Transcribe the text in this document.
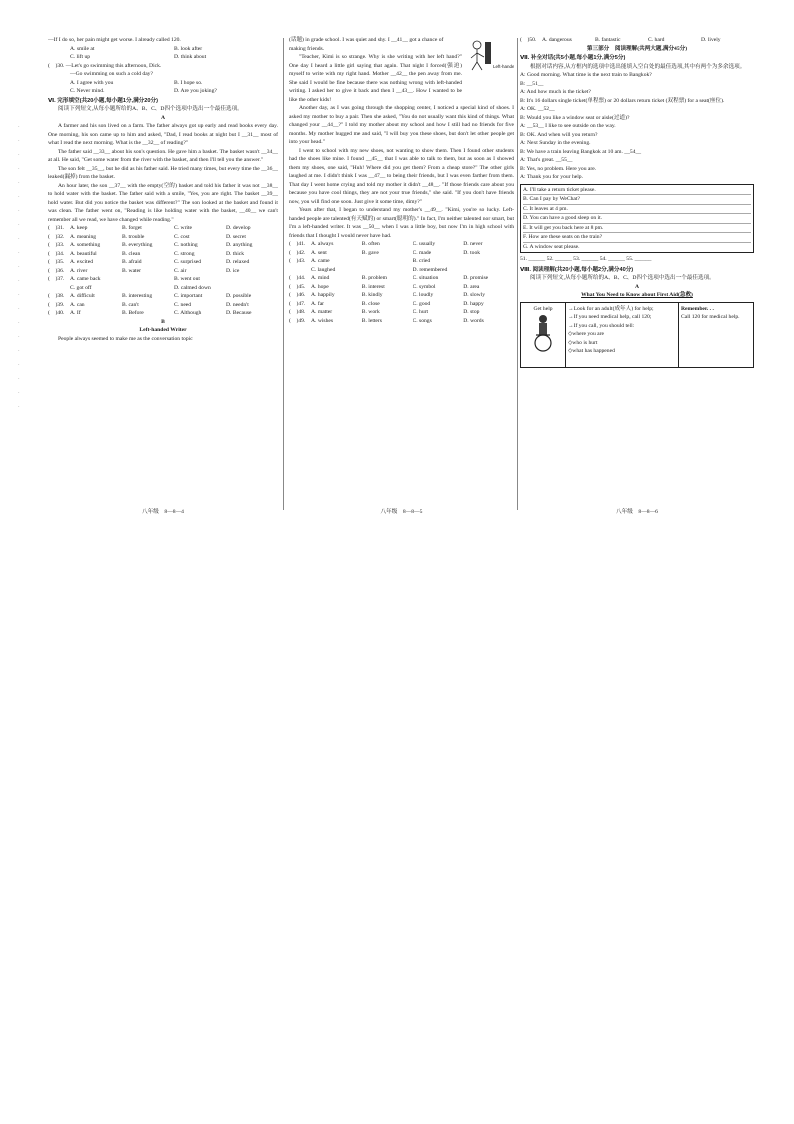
·
·
·
·
·
·
·
·
·
·
·
·
·
·
·
·
·
·
·
·
·

—If I do so, her pain might get worse. I already called 120.

A. smile at	B. look after
C. lift up	D. think about

(　)30. —Let's go swimming this afternoon, Dick.

—Go swimming on such a cold day?

A. I agree with you	B. I hope so.
C. Never mind.	D. Are you joking?

Ⅵ. 完形填空(共20小题,每小题1分,满分20分)

阅读下列短文,从每小题所给的A、B、C、D四个选项中选出一个最佳选项。

A

A farmer and his son lived on a farm. The father always got up early and read books every day. One morning, his son came up to him and asked, "Dad, I read books at night but I __31__ most of what I read the next morning. What is the __32__ of reading?"

The father said __33__ about his son's question. He gave him a basket. The basket wasn't __34__ at all. He said, "Get some water from the river with the basket, and then I'll tell you the answer."

The son felt __35__, but he did as his father said. He tried many times, but every time the __36__ leaked(漏掉) from the basket.

An hour later, the son __37__ with the empty(空的) basket and told his father it was not __38__ to hold water with the basket. The father said with a smile, "Yes, you are right. The basket __39__ hold water. But did you notice the basket was different?" The son looked at the basket and found it was clean. The father went on, "Reading is like holding water with the basket, __40__ we can't remember all we read, we have changed while reading."

(　)31.	A. keep	B. forget	C. write	D. develop
(　)32.	A. meaning	B. trouble	C. cost	D. secret
(　)33.	A. something	B. everything	C. nothing	D. anything
(　)34.	A. beautiful	B. clean	C. strong	D. thick
(　)35.	A. excited	B. afraid	C. surprised	D. relaxed
(　)36.	A. river	B. water	C. air	D. ice
(　)37.	A. came back	B. went out
C. got off	D. calmed down
(　)38.	A. difficult	B. interesting	C. important	D. possible
(　)39.	A. can	B. can't	C. need	D. needn't
(　)40.	A. If	B. Before	C. Although	D. Because

B

Left-handed Writer

People always seemed to make me as the conversation topic

八年级　8—8—4
Left-handed

(话题) in grade school. I was quiet and shy. I __41__ got a chance of making friends.

"Teacher, Kimi is so strange. Why is she writing with her left hand?" One day I heard a little girl saying that again. That night I forced(强迫) myself to write with my right hand. Mother __42__ the pen away from me. She said I would be fine because there was nothing wrong with left-handed writing. I asked her to give it back and then I __43__. How I wanted to be like the other kids!

Another day, as I was going through the shopping center, I noticed a special kind of shoes. I asked my mother to buy a pair. Then she asked, "You do not usually want this kind of things. What changed your __44__?" I told my mother about my school and how I still had no friends for five months. My mother hugged me and said, "I will buy you these shoes, but don't let other people get into your head."

I went to school with my new shoes, not wanting to show them. Then I found other students had the shoes like mine. I found __45__ that I was able to talk to them, but as soon as I showed them my shoes, one said, "Huh! Where did you get them? From a cheap store?" The other girls laughed at me. I didn't think I was __47__ to being their friends, but I was even farther from them. That day I went home crying and told my mother it didn't __48__. "If those friends care about you because you have cool things, they are not your true friends," she said. "If you don't have friends now, you will find one soon. Just give it some time, dimy?"

Years after that, I began to understand my mother's __49__. "Kimi, you're so lucky. Left-handed people are talented(有天赋的) or smart(聪明的)." In fact, I'm neither talented nor smart, but I'm a left-handed writer. It was __50__ when I was a little boy, but now I'm in high school with friends that I thought I would never have had.

(　)41.	A. always	B. often	C. usually	D. never
(　)42.	A. sent	B. gave	C. made	D. took
(　)43.	A. came	B. cried
C. laughed	D. remembered
(　)44.	A. mind	B. problem	C. situation	D. promise
(　)45.	A. hope	B. interest	C. symbol	D. area
(　)46.	A. happily	B. kindly	C. loudly	D. slowly
(　)47.	A. far	B. close	C. good	D. happy
(　)48.	A. matter	B. work	C. hurt	D. stop
(　)49.	A. wishes	B. letters	C. songs	D. words
八年级　8—8—5
(　)50.	A. dangerous	B. fantastic	C. hard	D. lively

第三部分　阅读理解(共两大题,满分45分)

Ⅶ. 补全对话(共5小题,每小题1分,满分5分)

根据对话内容,从方框内的选项中选出能填入空白处的最佳选项,其中有两个为多余选项。

A: Good morning. What time is the next train to Bangkok?
B: __51__
A: And how much is the ticket?
B: It's 16 dollars single ticket(单程票) or 20 dollars return ticket (双程票) for a seat(座位).
A: OK. __52__
B: Would you like a window seat or aisle(过道)?
A: __53__ I like to see outside on the way.
B: OK. And when will you return?
A: Next Sunday in the evening.
B: We have a train leaving Bangkok at 10 am. __54__
A: That's great. __55__
B: Yes, no problem. Here you are.
A: Thank you for your help.
A. I'll take a return ticket please.
B. Can I pay by WeChat?
C. It leaves at 4 pm.
D. You can have a good sleep on it.
E. It will get you back here at 8 pm.
F. How are these seats on the train?
G. A window seat please.

51. ______ 52. ______ 53. ______ 54. ______ 55. ______

Ⅷ. 阅读理解(共20小题,每小题2分,满分40分)

阅读下列短文,从每小题所给的A、B、C、D四个选项中选出一个最佳选项。

A

What You Need to Know about First Aid(急救)

Get help	→Look for an adult(成年人) for help;
→If you need medical help, call 120;
→If you call, you should tell:
◇where you are
◇who is hurt
◇what has happened
Remember. . .
Call 120 for medical help.
八年级　8—8—6
